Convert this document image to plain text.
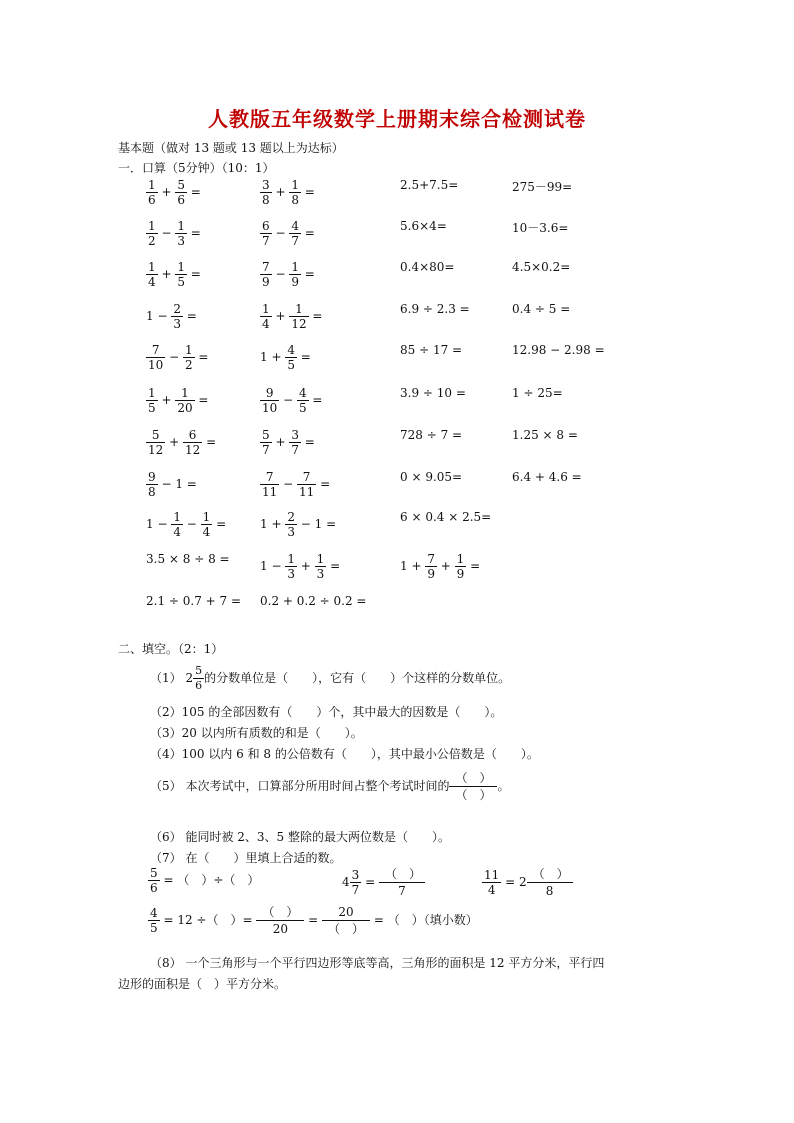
人教版五年级数学上册期末综合检测试卷
基本题（做对 13 题或 13 题以上为达标）
一．口算（5分钟）（10：1）
$\frac{1}{6} + \frac{5}{6}$ =
$\frac{1}{2} - \frac{1}{3}$ =
$\frac{1}{4} + \frac{1}{5}$ =
$1 - \frac{2}{3}$ =
$\frac{7}{10} - \frac{1}{2}$ =
$\frac{1}{5} + \frac{1}{20}$ =
$\frac{5}{12} + \frac{6}{12}$ =
$\frac{9}{8} - 1$ =
$1 - \frac{1}{4} - \frac{1}{4}$ =
3.5 × 8 ÷ 8 =
2.1 ÷ 0.7 + 7 =
$\frac{3}{8} + \frac{1}{8}$ =
$\frac{6}{7} - \frac{4}{7}$ =
$\frac{7}{9} - \frac{1}{9}$ =
$\frac{1}{4} + \frac{1}{12}$ =
$1 + \frac{4}{5}$ =
$\frac{9}{10} - \frac{4}{5}$ =
$\frac{5}{7} + \frac{3}{7}$ =
$\frac{7}{11} - \frac{7}{11}$ =
$1 + \frac{2}{3} - 1$ =
$1 - \frac{1}{3} + \frac{1}{3}$ =
0.2 + 0.2 ÷ 0.2 =
2.5+7.5=
5.6×4=
0.4×80=
6.9 ÷ 2.3 =
85 ÷ 17 =
3.9 ÷ 10 =
728 ÷ 7 =
0 × 9.05=
6 × 0.4 × 2.5=
$1 + \frac{7}{9} + \frac{1}{9}$ =
275－99=
10－3.6=
4.5×0.2=
0.4 ÷ 5 =
12.98 − 2.98 =
1 ÷ 25=
1.25 × 8 =
6.4 + 4.6 =
二、填空。（2：1）
（1） $2 \frac{5}{6}$ 的分数单位是（　　），它有（　　）个这样的分数单位。
（2）105 的全部因数有（　　）个，其中最大的因数是（　　）。
（3）20 以内所有质数的和是（　　）。
（4）100 以内 6 和 8 的公倍数有（　　），其中最小公倍数是（　　）。
（5） 本次考试中，口算部分所用时间占整个考试时间的 $\frac{( )}{( )}$ 。
（6） 能同时被 2、3、5 整除的最大两位数是（　　）。
（7） 在（　　）里填上合适的数。
$\frac{5}{6}$ = （　）÷（　）	$4 \frac{3}{7} = \frac{( )}{7}$	$\frac{11}{4} = 2 \frac{( )}{8}$
$\frac{4}{5} = 12$ ÷（　）= $\frac{( )}{20} = \frac{20}{( )}$ = （　）（填小数）
（8） 一个三角形与一个平行四边形等底等高，三角形的面积是 12 平方分米，平行四
边形的面积是（　）平方分米。
